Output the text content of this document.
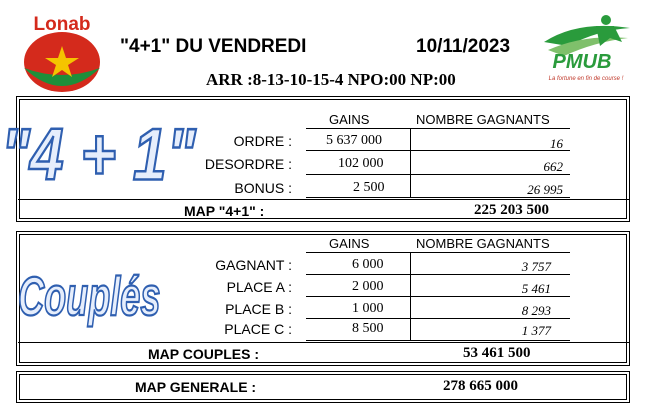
Lonab
"4+1" DU VENDREDI	10/11/2023
ARR :8-13-10-15-4 NPO:00 NP:00
PMUB
La fortune en fin de course !
"4 + 1"	GAINS	NOMBRE GAGNANTS
ORDRE : 5 637 000	16
DESORDRE :	102 000	662
BONUS :	2 500	26 995
MAP "4+1" :	225 203 500
Couplés
GAINS	NOMBRE GAGNANTS
GAGNANT :	6 000	3 757
PLACE A :	2 000	5 461
PLACE B :	1 000	8 293
PLACE C :	8 500	1 377
MAP COUPLES :	53 461 500
MAP GENERALE :	278 665 000
